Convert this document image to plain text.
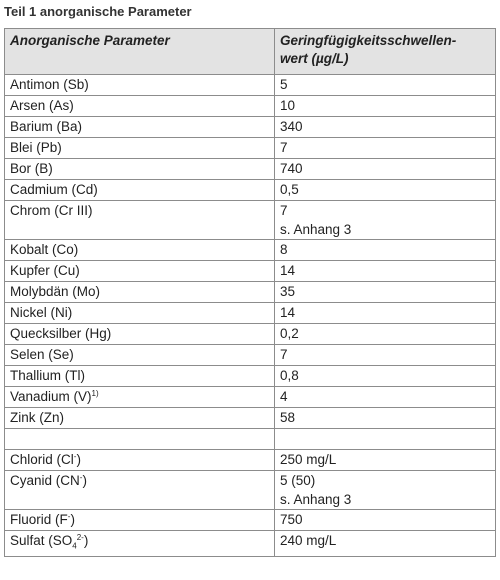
Teil 1 anorganische Parameter
Anorganische Parameter	Geringfügigkeitsschwellen-
wert (µg/L)

Antimon (Sb)	5

Arsen (As)	10

Barium (Ba)	340

Blei (Pb)	7

Bor (B)	740

Cadmium (Cd)	0,5

Chrom (Cr III)	7
s. Anhang 3

Kobalt (Co)	8

Kupfer (Cu)	14

Molybdän (Mo)	35

Nickel (Ni)	14

Quecksilber (Hg)	0,2

Selen (Se)	7

Thallium (Tl)	0,8

Vanadium $(V)^{1)}$	4

Zink (Zn)	58

Chlorid (Cl-)	250 mg/L

Cyanid (CN-)	5 (50)
s. Anhang 3

Fluorid (F-)	750

Sulfat $(SO_4^{2-})$	240 mg/L
